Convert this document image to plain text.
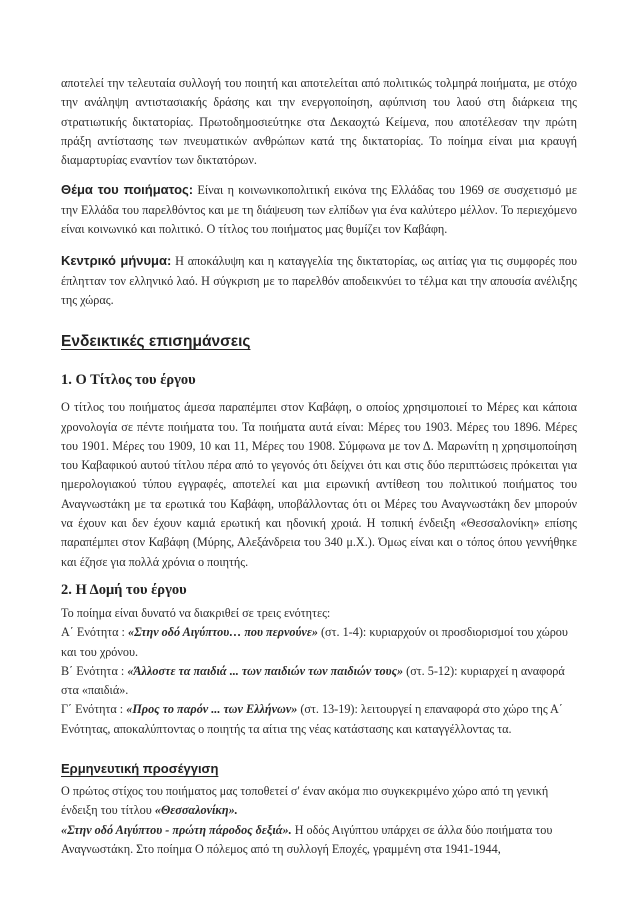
αποτελεί την τελευταία συλλογή του ποιητή και αποτελείται από πολιτικώς τολμηρά ποιήματα, με στόχο την ανάληψη αντιστασιακής δράσης και την ενεργοποίηση, αφύπνιση του λαού στη διάρκεια της στρατιωτικής δικτατορίας. Πρωτοδημοσιεύτηκε στα Δεκαοχτώ Κείμενα, που αποτέλεσαν την πρώτη πράξη αντίστασης των πνευματικών ανθρώπων κατά της δικτατορίας. Το ποίημα είναι μια κραυγή διαμαρτυρίας εναντίον των δικτατόρων.

Θέμα του ποιήματος: Είναι η κοινωνικοπολιτική εικόνα της Ελλάδας του 1969 σε συσχετισμό με την Ελλάδα του παρελθόντος και με τη διάψευση των ελπίδων για ένα καλύτερο μέλλον. Το περιεχόμενο είναι κοινωνικό και πολιτικό. Ο τίτλος του ποιήματος μας θυμίζει τον Καβάφη.

Κεντρικό μήνυμα: Η αποκάλυψη και η καταγγελία της δικτατορίας, ως αιτίας για τις συμφορές που έπλητταν τον ελληνικό λαό. Η σύγκριση με το παρελθόν αποδεικνύει το τέλμα και την απουσία ανέλιξης της χώρας.

Ενδεικτικές επισημάνσεις
1. Ο Τίτλος του έργου

Ο τίτλος του ποιήματος άμεσα παραπέμπει στον Καβάφη, ο οποίος χρησιμοποιεί το Μέρες και κάποια χρονολογία σε πέντε ποιήματα του. Τα ποιήματα αυτά είναι: Μέρες του 1903. Μέρες του 1896. Μέρες του 1901. Μέρες του 1909, 10 και 11, Μέρες του 1908. Σύμφωνα με τον Δ. Μαρωνίτη η χρησιμοποίηση του Καβαφικού αυτού τίτλου πέρα από το γεγονός ότι δείχνει ότι και στις δύο περιπτώσεις πρόκειται για ημερολογιακού τύπου εγγραφές, αποτελεί και μια ειρωνική αντίθεση του πολιτικού ποιήματος του Αναγνωστάκη με τα ερωτικά του Καβάφη, υποβάλλοντας ότι οι Μέρες του Αναγνωστάκη δεν μπορούν να έχουν και δεν έχουν καμιά ερωτική και ηδονική χροιά. Η τοπική ένδειξη «Θεσσαλονίκη» επίσης παραπέμπει στον Καβάφη (Μύρης, Αλεξάνδρεια του 340 μ.Χ.). Όμως είναι και ο τόπος όπου γεννήθηκε και έζησε για πολλά χρόνια ο ποιητής.

2. Η Δομή του έργου

Το ποίημα είναι δυνατό να διακριθεί σε τρεις ενότητες:

Α΄ Ενότητα : «Στην οδό Αιγύπτου… που περνούνε» (στ. 1-4): κυριαρχούν οι προσδιορισμοί του χώρου και του χρόνου.

Β΄ Ενότητα : «Άλλοστε τα παιδιά ... των παιδιών των παιδιών τους» (στ. 5-12): κυριαρχεί η αναφορά στα «παιδιά».

Γ΄ Ενότητα : «Προς το παρόν ... των Ελλήνων» (στ. 13-19): λειτουργεί η επαναφορά στο χώρο της Α΄ Ενότητας, αποκαλύπτοντας ο ποιητής τα αίτια της νέας κατάστασης και καταγγέλλοντας τα.

Ερμηνευτική προσέγγιση

Ο πρώτος στίχος του ποιήματος μας τοποθετεί σ' έναν ακόμα πιο συγκεκριμένο χώρο από τη γενική ένδειξη του τίτλου «Θεσσαλονίκη».

«Στην οδό Αιγύπτου - πρώτη πάροδος δεξιά». Η οδός Αιγύπτου υπάρχει σε άλλα δύο ποιήματα του Αναγνωστάκη. Στο ποίημα Ο πόλεμος από τη συλλογή Εποχές, γραμμένη στα 1941-1944,
